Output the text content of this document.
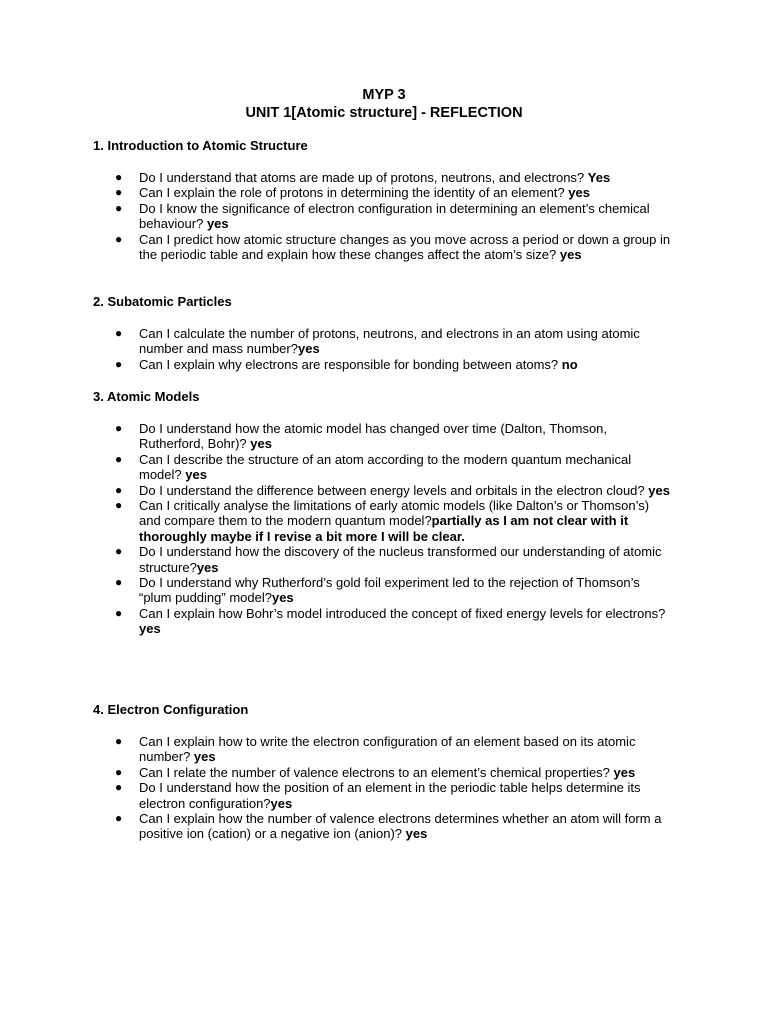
MYP 3
UNIT 1[Atomic structure] - REFLECTION
1. Introduction to Atomic Structure
● Do I understand that atoms are made up of protons, neutrons, and electrons? Yes
● Can I explain the role of protons in determining the identity of an element? yes
● Do I know the significance of electron configuration in determining an element’s chemical behaviour? yes
● Can I predict how atomic structure changes as you move across a period or down a group in the periodic table and explain how these changes affect the atom’s size? yes
2. Subatomic Particles
● Can I calculate the number of protons, neutrons, and electrons in an atom using atomic number and mass number?yes
● Can I explain why electrons are responsible for bonding between atoms? no
3. Atomic Models
● Do I understand how the atomic model has changed over time (Dalton, Thomson, Rutherford, Bohr)? yes
● Can I describe the structure of an atom according to the modern quantum mechanical model? yes
● Do I understand the difference between energy levels and orbitals in the electron cloud? yes
● Can I critically analyse the limitations of early atomic models (like Dalton’s or Thomson’s) and compare them to the modern quantum model?partially as I am not clear with it thoroughly maybe if I revise a bit more I will be clear.
● Do I understand how the discovery of the nucleus transformed our understanding of atomic structure?yes
● Do I understand why Rutherford’s gold foil experiment led to the rejection of Thomson’s “plum pudding” model?yes
● Can I explain how Bohr’s model introduced the concept of fixed energy levels for electrons?yes
4. Electron Configuration
● Can I explain how to write the electron configuration of an element based on its atomic number? yes
● Can I relate the number of valence electrons to an element’s chemical properties? yes
● Do I understand how the position of an element in the periodic table helps determine its electron configuration?yes
● Can I explain how the number of valence electrons determines whether an atom will form a positive ion (cation) or a negative ion (anion)? yes
